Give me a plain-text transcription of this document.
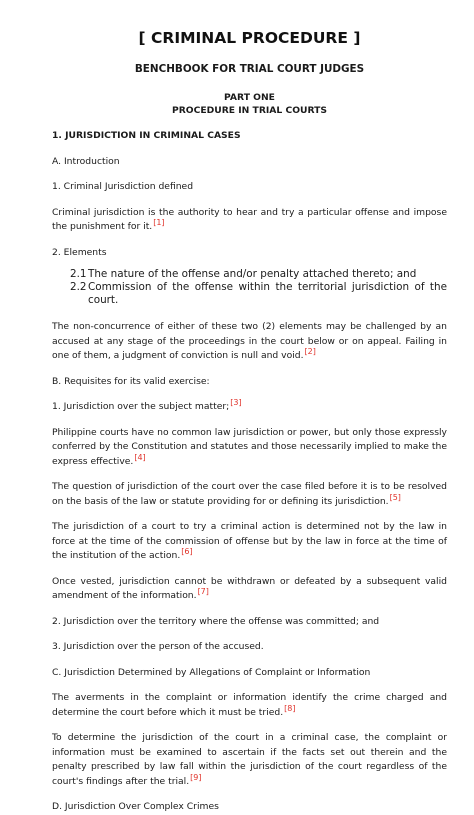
[ CRIMINAL PROCEDURE ]
BENCHBOOK FOR TRIAL COURT JUDGES
PART ONE
PROCEDURE IN TRIAL COURTS
1. JURISDICTION IN CRIMINAL CASES

A. Introduction

1. Criminal Jurisdiction defined

Criminal jurisdiction is the authority to hear and try a particular offense and impose the punishment for it.[1]

2. Elements

2.1 The nature of the offense and/or penalty attached thereto; and
2.2 Commission of the offense within the territorial jurisdiction of the court.

The non-concurrence of either of these two (2) elements may be challenged by an accused at any stage of the proceedings in the court below or on appeal. Failing in one of them, a judgment of conviction is null and void.[2]

B. Requisites for its valid exercise:

1. Jurisdiction over the subject matter;[3]

Philippine courts have no common law jurisdiction or power, but only those expressly conferred by the Constitution and statutes and those necessarily implied to make the express effective.[4]

The question of jurisdiction of the court over the case filed before it is to be resolved on the basis of the law or statute providing for or defining its jurisdiction.[5]

The jurisdiction of a court to try a criminal action is determined not by the law in force at the time of the commission of offense but by the law in force at the time of the institution of the action.[6]

Once vested, jurisdiction cannot be withdrawn or defeated by a subsequent valid amendment of the information.[7]

2. Jurisdiction over the territory where the offense was committed; and

3. Jurisdiction over the person of the accused.

C. Jurisdiction Determined by Allegations of Complaint or Information

The averments in the complaint or information identify the crime charged and determine the court before which it must be tried.[8]

To determine the jurisdiction of the court in a criminal case, the complaint or information must be examined to ascertain if the facts set out therein and the penalty prescribed by law fall within the jurisdiction of the court regardless of the court's findings after the trial.[9]

D. Jurisdiction Over Complex Crimes
